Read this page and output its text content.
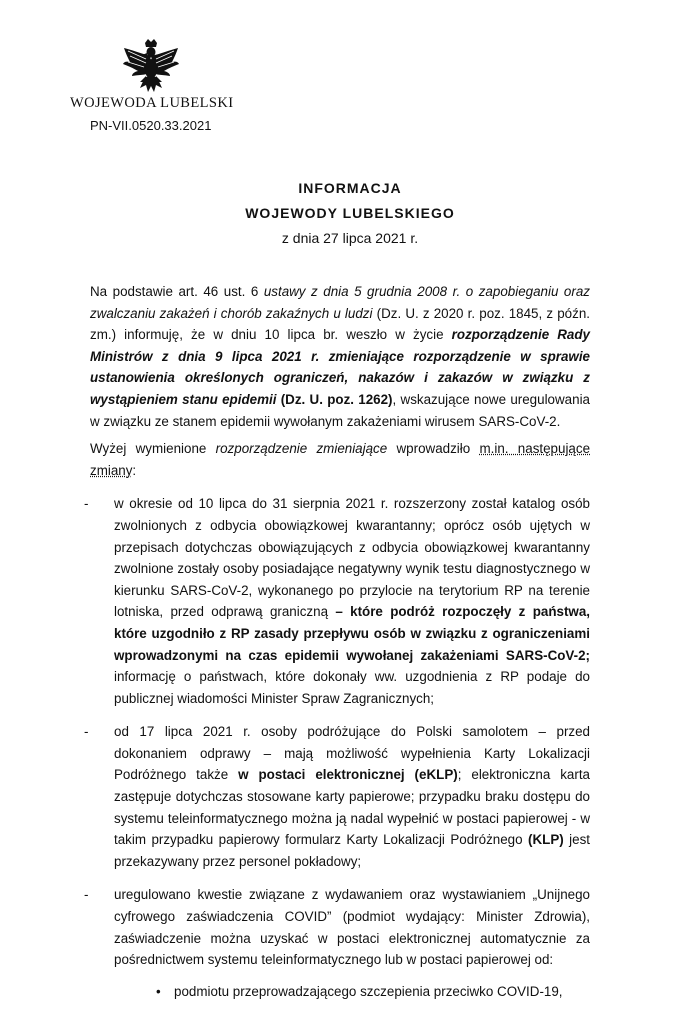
WOJEWODA LUBELSKI
PN-VII.0520.33.2021
INFORMACJA
WOJEWODY LUBELSKIEGO
z dnia 27 lipca 2021 r.

Na podstawie art. 46 ust. 6 ustawy z dnia 5 grudnia 2008 r. o zapobieganiu oraz zwalczaniu zakażeń i chorób zakaźnych u ludzi (Dz. U. z 2020 r. poz. 1845, z późn. zm.) informuję, że w dniu 10 lipca br. weszło w życie rozporządzenie Rady Ministrów z dnia 9 lipca 2021 r. zmieniające rozporządzenie w sprawie ustanowienia określonych ograniczeń, nakazów i zakazów w związku z wystąpieniem stanu epidemii (Dz. U. poz. 1262), wskazujące nowe uregulowania w związku ze stanem epidemii wywołanym zakażeniami wirusem SARS-CoV-2.

Wyżej wymienione rozporządzenie zmieniające wprowadziło m.in. następujące zmiany:

- w okresie od 10 lipca do 31 sierpnia 2021 r. rozszerzony został katalog osób zwolnionych z odbycia obowiązkowej kwarantanny; oprócz osób ujętych w przepisach dotychczas obowiązujących z odbycia obowiązkowej kwarantanny zwolnione zostały osoby posiadające negatywny wynik testu diagnostycznego w kierunku SARS-CoV-2, wykonanego po przylocie na terytorium RP na terenie lotniska, przed odprawą graniczną – które podróż rozpoczęły z państwa, które uzgodniło z RP zasady przepływu osób w związku z ograniczeniami wprowadzonymi na czas epidemii wywołanej zakażeniami SARS-CoV-2; informację o państwach, które dokonały ww. uzgodnienia z RP podaje do publicznej wiadomości Minister Spraw Zagranicznych;
- od 17 lipca 2021 r. osoby podróżujące do Polski samolotem – przed dokonaniem odprawy – mają możliwość wypełnienia Karty Lokalizacji Podróżnego także w postaci elektronicznej (eKLP); elektroniczna karta zastępuje dotychczas stosowane karty papierowe; przypadku braku dostępu do systemu teleinformatycznego można ją nadal wypełnić w postaci papierowej - w takim przypadku papierowy formularz Karty Lokalizacji Podróżnego (KLP) jest przekazywany przez personel pokładowy;
- uregulowano kwestie związane z wydawaniem oraz wystawianiem „Unijnego cyfrowego zaświadczenia COVID” (podmiot wydający: Minister Zdrowia), zaświadczenie można uzyskać w postaci elektronicznej automatycznie za pośrednictwem systemu teleinformatycznego lub w postaci papierowej od:
• podmiotu przeprowadzającego szczepienia przeciwko COVID-19,
